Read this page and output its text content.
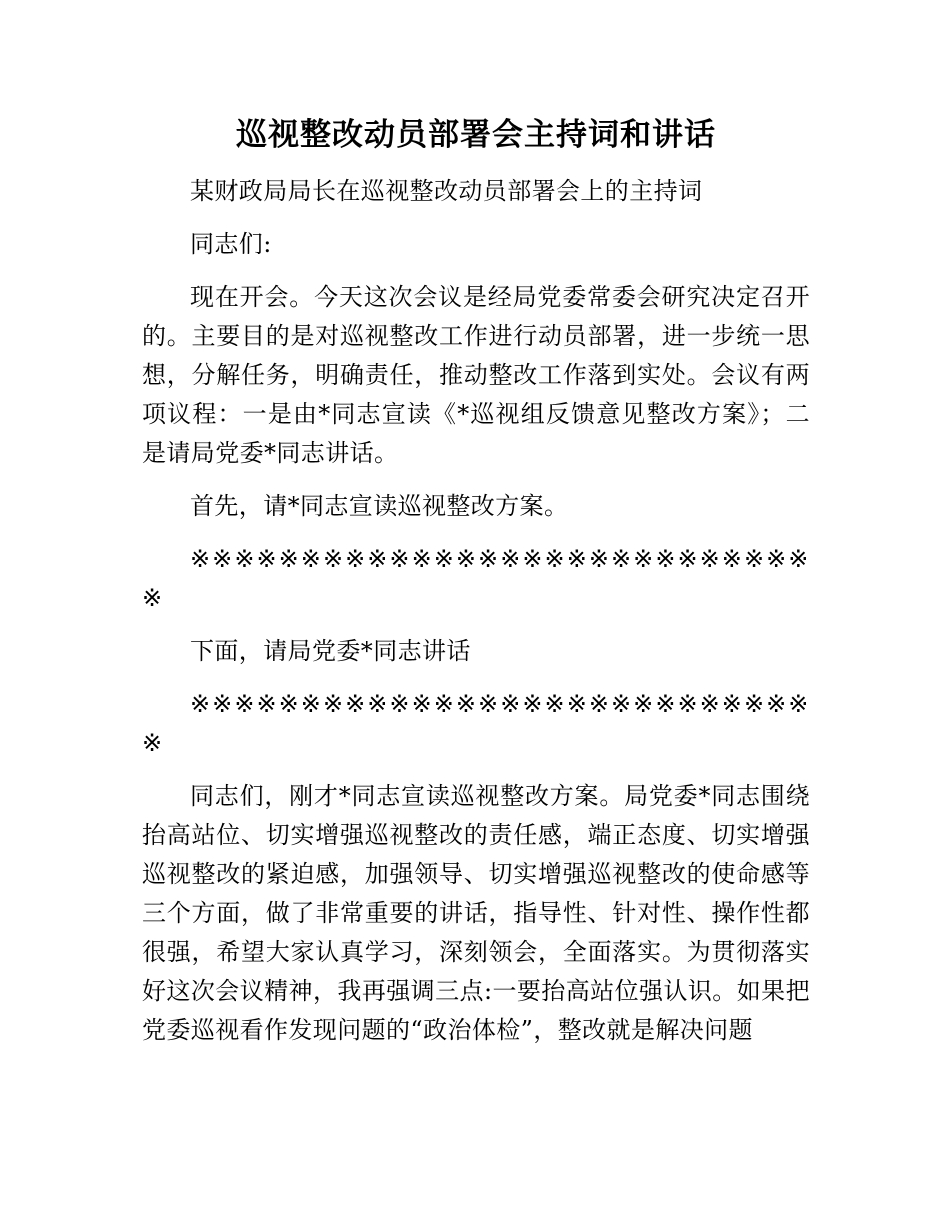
巡视整改动员部署会主持词和讲话

某财政局局长在巡视整改动员部署会上的主持词

同志们:

现在开会。今天这次会议是经局党委常委会研究决定召开的。主要目的是对巡视整改工作进行动员部署，进一步统一思想，分解任务，明确责任，推动整改工作落到实处。会议有两项议程：一是由*同志宣读《*巡视组反馈意见整改方案》；二是请局党委*同志讲话。

首先，请*同志宣读巡视整改方案。

※※※※※※※※※※※※※※※※※※※※※※※※※※※※※

下面，请局党委*同志讲话

※※※※※※※※※※※※※※※※※※※※※※※※※※※※※

同志们，刚才*同志宣读巡视整改方案。局党委*同志围绕抬高站位、切实增强巡视整改的责任感，端正态度、切实增强巡视整改的紧迫感，加强领导、切实增强巡视整改的使命感等三个方面，做了非常重要的讲话，指导性、针对性、操作性都很强，希望大家认真学习，深刻领会，全面落实。为贯彻落实好这次会议精神，我再强调三点:一要抬高站位强认识。如果把党委巡视看作发现问题的“政治体检”，整改就是解决问题
